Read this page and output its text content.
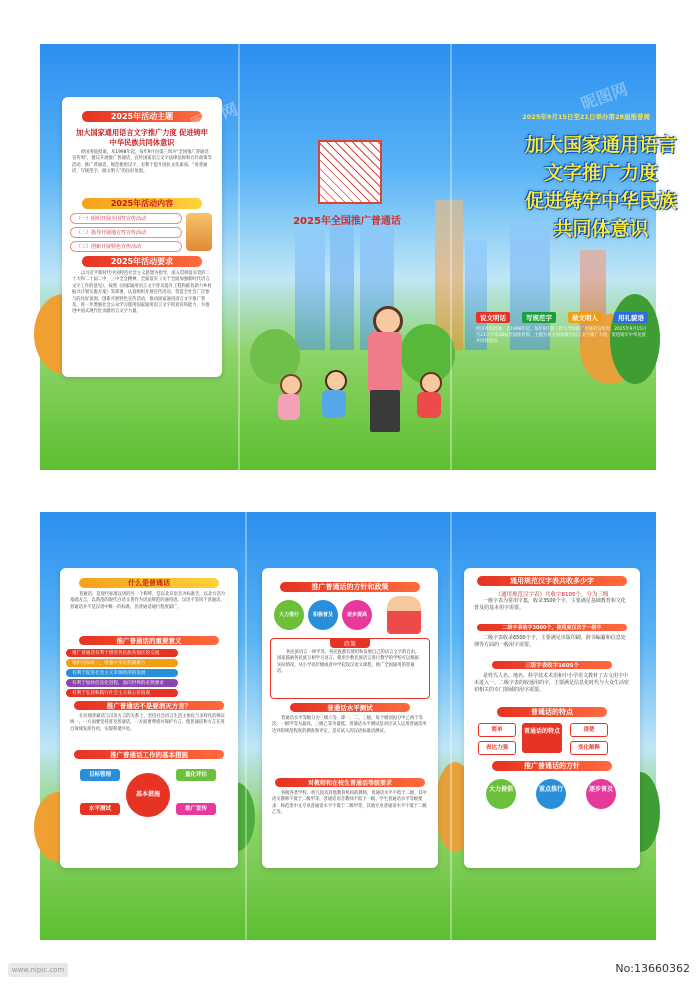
2025年活动主题
加大国家通用语言文字推广力度 促进铸牢中华民族共同体意识
经国务院批准，从1998年起，每年9月份第三周为“全国推广普通话宣传周”，建议开展推广普通话、宣传国家语言文字法律法规和方针政策等活动。推广普通话、规范使用汉字，有利于提升国民文化素质，“说普通话、写规范字、做文明人”的良好氛围。
2025年活动内容
（一）组织开展全国性宣传活动
（二）指导开展地方性宣传活动
（三）创新开展特色宣传活动
2025年活动要求
以习近平新时代中国特色社会主义思想为指导，深入贯彻落实党的二十大和二十届二中、三中全会精神，全面落实《关于全面加强新时代语言文字工作的意见》，按照《国家通用语言文字普及提升工程和推普助力乡村振兴计划实施方案》等部署，认真组织开展宣传活动，营造全社会广泛参与的良好氛围，创新开展特色宣传活动，推动国家通用语言文字推广普及，进一步增强社会公众学习使用国家通用语言文字的意识和能力，为推进中国式现代化贡献语言文字力量。
2025年全国推广普通话
2025年9月15日至21日举办第28届推普周
加大国家通用语言
文字推广力度
促进铸牢中华民族
共同体意识
说文明话	写规范字	做文明人	用礼貌语
经国务院批准，自1998年起，每年9月第三周为全国推广普通话宣传周。2025年9月15日至21日为第28届全国推普周，主题为加大国家通用语言文字推广力度，促进铸牢中华民族共同体意识。
昵图网
昵图网
什么是普通话
普通话，是现代标准汉语的另一个称呼，是以北京语音为标准音，以北方话为基础方言，以典范的现代白话文著作为语法规范的通用语。汉语不等同于普通话，普通话并不是汉语中唯一的标准，但普通话通行程度最广。
推广普通话的重要意义
推广普通话有利于增进各民族各地区的交流
维护国家统一，增强中华民族凝聚力
有利于促进社会主义市场经济的发展
有利于加快信息化进程，面向世界的必然要求
有利于弘扬和践行社会主义核心价值观
推广普通话不是要消灭方言？
在处理普通话与汉语方言的关系上，坚持社会语言生活主体化与多样化的辩证统一，一方面要坚持普及普通话，一方面要尊重并保护方言，使普通话和方言在各自领域发挥作用，实现和谐共处。
推广普通话工作的基本措施
基本措施
目标管理	量化评估
水平测试	推广宣传
推广普通话的方针和政策
大力推行	积极普及	逐步提高
政策
各民族语言一律平等。各民族都有使用和发展自己的语言文字的自由。国家鼓励各民族互相学习语言。使用少数民族语言进行教学的学校可以根据实际情况，从小学高年级或者中学起设汉语文课程，推广全国通用的普通话。
普通话水平测试
普通话水平等级分为三级六等，即一、二、三级，每个级别再分甲乙两个等次；一级甲等为最高，三级乙等为最低。普通话水平测试是对应试人运用普通话所达到的规范程度的测查和评定，是应试人的汉语标准语测试。
对教师和在校生普通话等级要求
各级各类学校、幼儿园及其他教育机构的教师，普通话水平不低于二级，其中语文教师不低于二级甲等，普通话语音教师不低于一级。学生普通话水平等级要求：师范类中文专业普通话水平不低于二级甲等，其他专业普通话水平不低于二级乙等。
通用规范汉字表共收多少字
《通用规范汉字表》共收字8105个，分为三级
一级字表为常用字集，收录3500个字，主要满足基础教育和文化普及的基本用字需要。
二级字表收字3000个，使用度仅次于一级字
二级字表收录6500个字，主要满足出版印刷、辞书编纂和信息处理等方面的一般用字需要。
三级字表收字1605个
是姓氏人名、地名、科学技术术语和中小学语文教材了古文用字中未进入一、二级字表的较通用的字，主要满足信息化时代与大众生活密切相关的专门领域的用字需要。
普通话的特点
普通话的特点
简单	清楚
表达力强	变化解释
推广普通话的方针
大力提倡	重点推行	逐步普及
www.nipic.com	No:13660362
